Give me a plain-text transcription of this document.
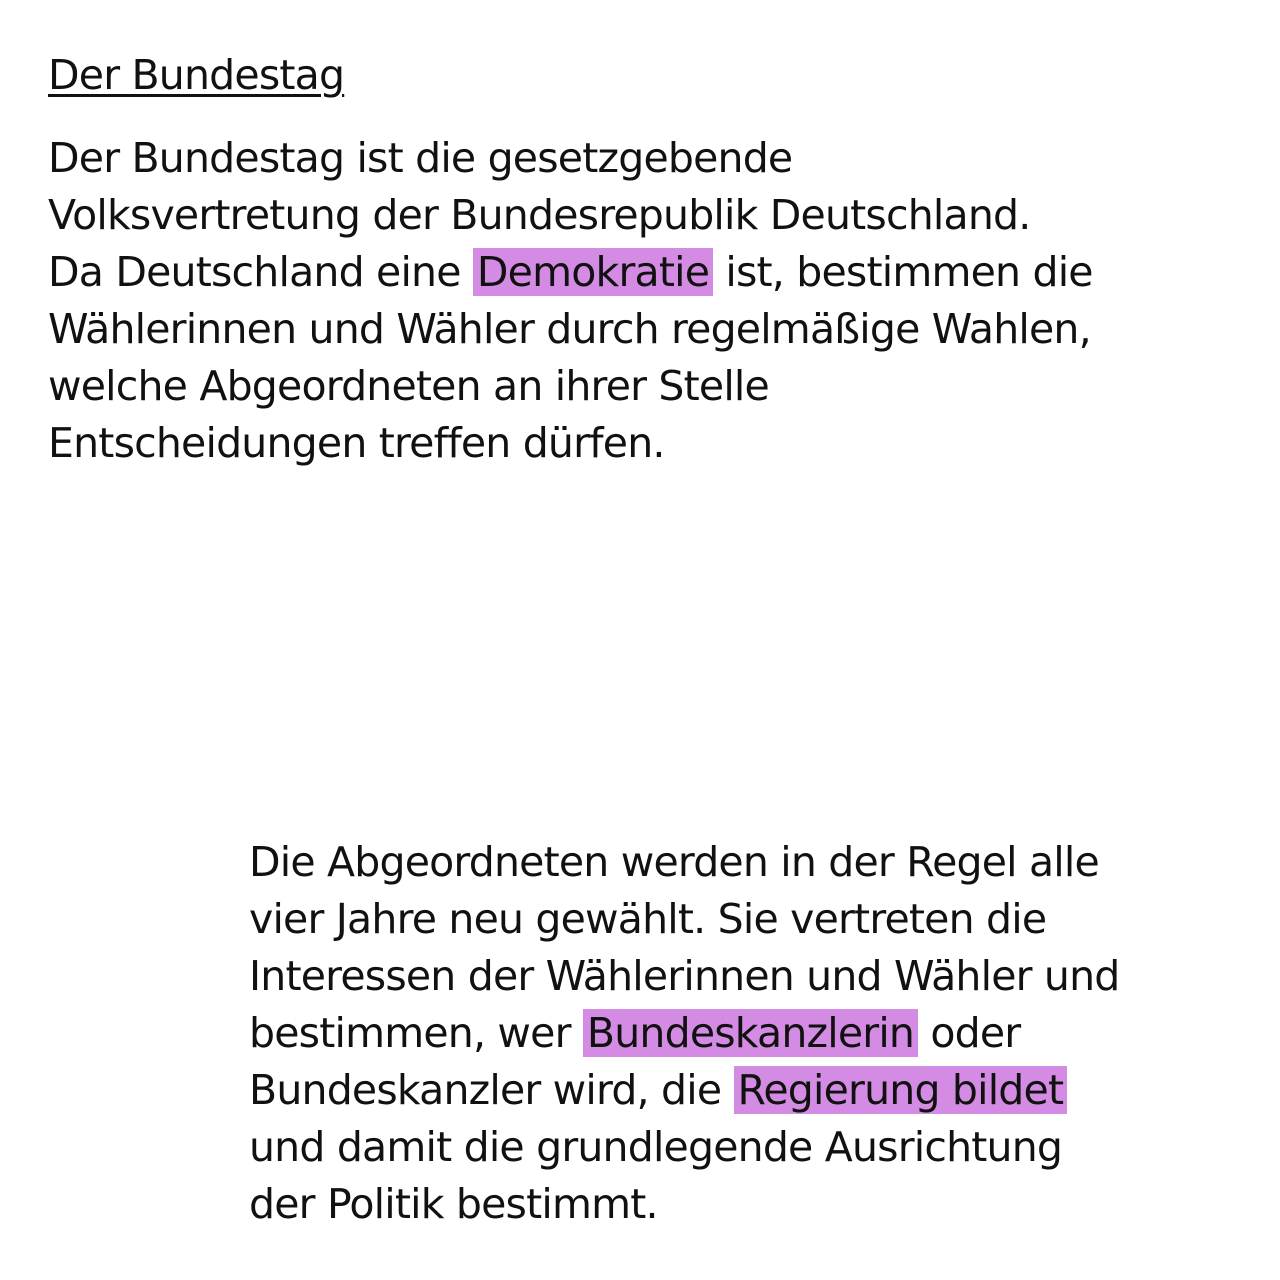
Der Bundestag

Der Bundestag ist die gesetzgebende
Volksvertretung der Bundesrepublik Deutschland.
Da Deutschland eine Demokratie ist, bestimmen die
Wählerinnen und Wähler durch regelmäßige Wahlen,
welche Abgeordneten an ihrer Stelle
Entscheidungen treffen dürfen.

Die Abgeordneten werden in der Regel alle
vier Jahre neu gewählt. Sie vertreten die
Interessen der Wählerinnen und Wähler und
bestimmen, wer Bundeskanzlerin oder
Bundeskanzler wird, die Regierung bildet
und damit die grundlegende Ausrichtung
der Politik bestimmt.
